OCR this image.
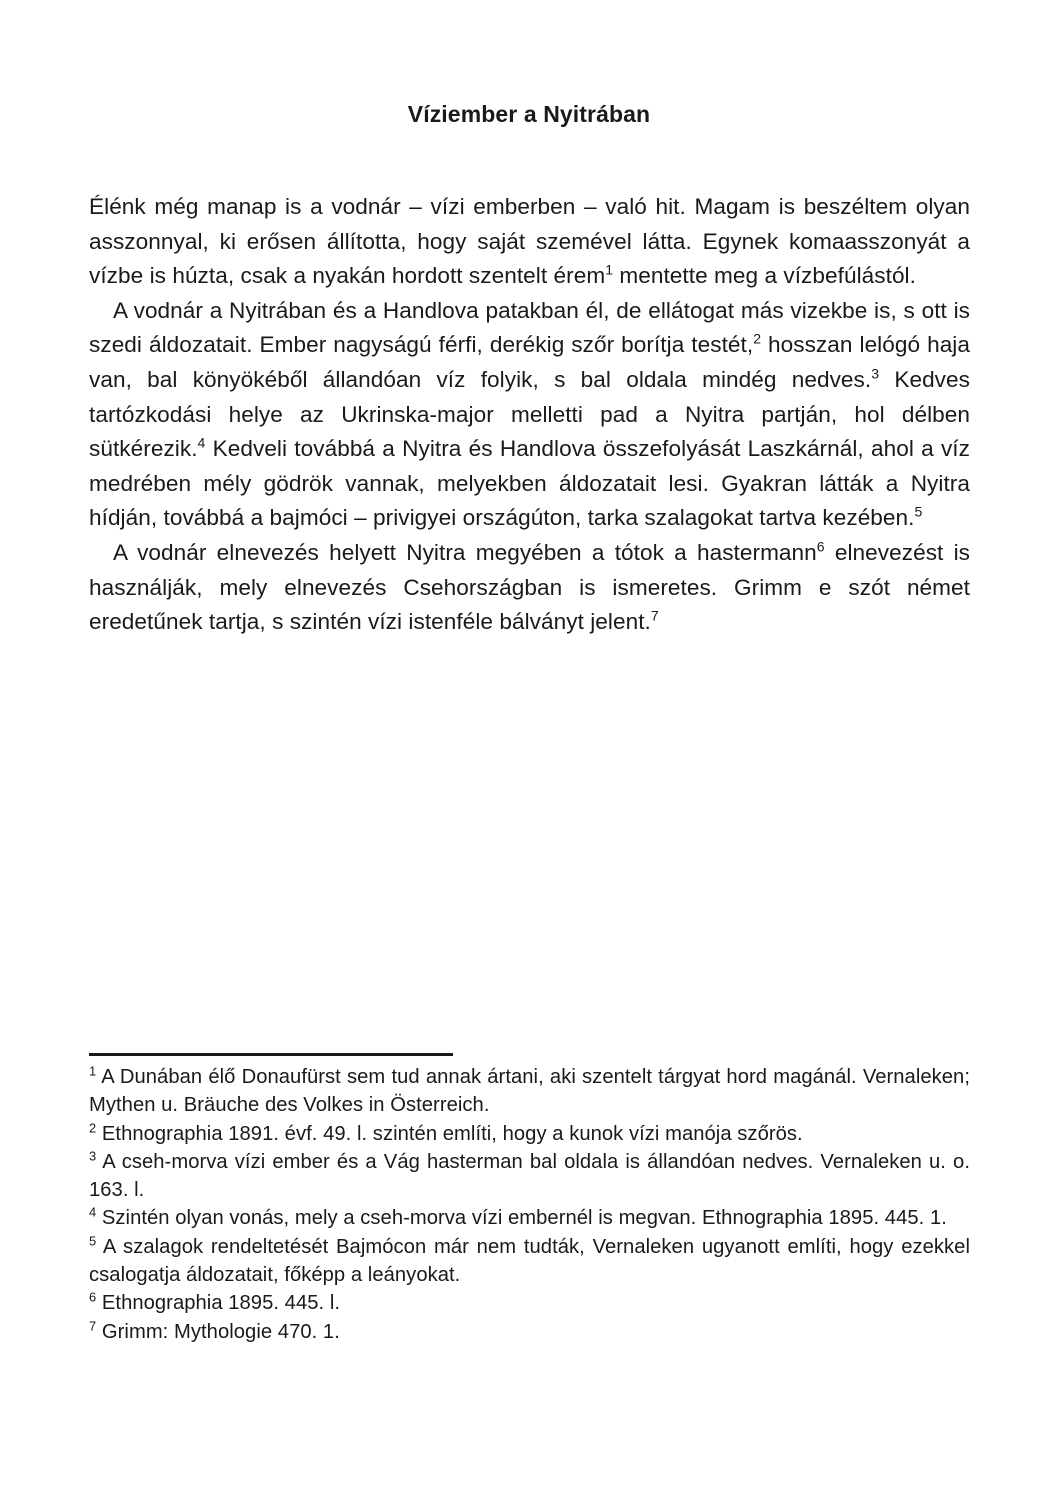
Víziember a Nyitrában

Élénk még manap is a vodnár – vízi emberben – való hit. Magam is beszéltem olyan asszonnyal, ki erősen állította, hogy saját szemével látta. Egynek komaasszonyát a vízbe is húzta, csak a nyakán hordott szentelt érem$^1$ mentette meg a vízbefúlástól.

A vodnár a Nyitrában és a Handlova patakban él, de ellátogat más vizekbe is, s ott is szedi áldozatait. Ember nagyságú férfi, derékig szőr borítja testét,$^2$ hosszan lelógó haja van, bal könyökéből állandóan víz folyik, s bal oldala mindég nedves.$^3$ Kedves tartózkodási helye az Ukrinska-major melletti pad a Nyitra partján, hol délben sütkérezik.$^4$ Kedveli továbbá a Nyitra és Handlova összefolyását Laszkárnál, ahol a víz medrében mély gödrök vannak, melyekben áldozatait lesi. Gyakran látták a Nyitra hídján, továbbá a bajmóci – privigyei országúton, tarka szalagokat tartva kezében.$^5$

A vodnár elnevezés helyett Nyitra megyében a tótok a hastermann$^6$ elnevezést is használják, mely elnevezés Csehországban is ismeretes. Grimm e szót német eredetűnek tartja, s szintén vízi istenféle bálványt jelent.$^7$

$^1$ A Dunában élő Donaufürst sem tud annak ártani, aki szentelt tárgyat hord magánál. Vernaleken; Mythen u. Bräuche des Volkes in Österreich.

$^2$ Ethnographia 1891. évf. 49. l. szintén említi, hogy a kunok vízi manója szőrös.

$^3$ A cseh-morva vízi ember és a Vág hasterman bal oldala is állandóan nedves. Vernaleken u. o. 163. l.

$^4$ Szintén olyan vonás, mely a cseh-morva vízi embernél is megvan. Ethnographia 1895. 445. 1.

$^5$ A szalagok rendeltetését Bajmócon már nem tudták, Vernaleken ugyanott említi, hogy ezekkel csalogatja áldozatait, főképp a leányokat.

$^6$ Ethnographia 1895. 445. l.

$^7$ Grimm: Mythologie 470. 1.
